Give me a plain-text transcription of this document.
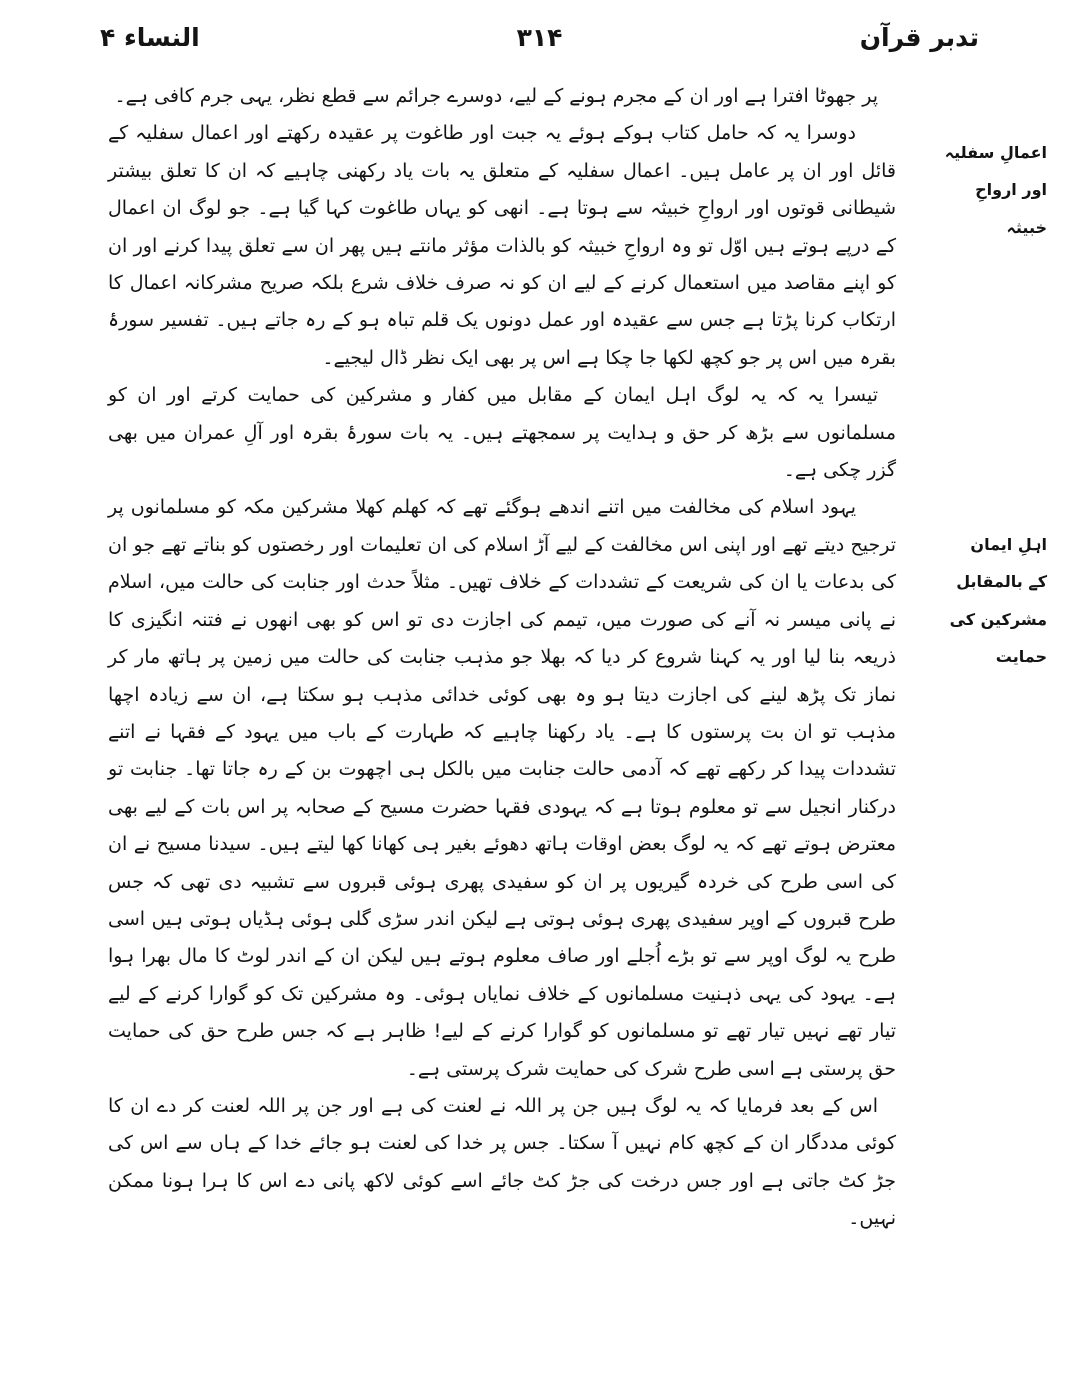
النساء ۴	۳۱۴	تدبر قرآن
اعمالِ سفلیہ
اور ارواحِ
خبیثہ
اہلِ ایمان
کے بالمقابل
مشرکین کی
حمایت

پر جھوٹا افترا ہے اور ان کے مجرم ہونے کے لیے، دوسرے جرائم سے قطع نظر، یہی جرم کافی ہے۔

دوسرا یہ کہ حامل کتاب ہوکے ہوئے یہ جبت اور طاغوت پر عقیدہ رکھتے اور اعمال سفلیہ کے قائل اور ان پر عامل ہیں۔ اعمال سفلیہ کے متعلق یہ بات یاد رکھنی چاہیے کہ ان کا تعلق بیشتر شیطانی قوتوں اور ارواحِ خبیثہ سے ہوتا ہے۔ انھی کو یہاں طاغوت کہا گیا ہے۔ جو لوگ ان اعمال کے درپے ہوتے ہیں اوّل تو وہ ارواحِ خبیثہ کو بالذات مؤثر مانتے ہیں پھر ان سے تعلق پیدا کرنے اور ان کو اپنے مقاصد میں استعمال کرنے کے لیے ان کو نہ صرف خلاف شرع بلکہ صریح مشرکانہ اعمال کا ارتکاب کرنا پڑتا ہے جس سے عقیدہ اور عمل دونوں یک قلم تباہ ہو کے رہ جاتے ہیں۔ تفسیر سورۂ بقرہ میں اس پر جو کچھ لکھا جا چکا ہے اس پر بھی ایک نظر ڈال لیجیے۔

تیسرا یہ کہ یہ لوگ اہل ایمان کے مقابل میں کفار و مشرکین کی حمایت کرتے اور ان کو مسلمانوں سے بڑھ کر حق و ہدایت پر سمجھتے ہیں۔ یہ بات سورۂ بقرہ اور آلِ عمران میں بھی گزر چکی ہے۔

یہود اسلام کی مخالفت میں اتنے اندھے ہوگئے تھے کہ کھلم کھلا مشرکین مکہ کو مسلمانوں پر ترجیح دیتے تھے اور اپنی اس مخالفت کے لیے آڑ اسلام کی ان تعلیمات اور رخصتوں کو بناتے تھے جو ان کی بدعات یا ان کی شریعت کے تشددات کے خلاف تھیں۔ مثلاً حدث اور جنابت کی حالت میں، اسلام نے پانی میسر نہ آنے کی صورت میں، تیمم کی اجازت دی تو اس کو بھی انھوں نے فتنہ انگیزی کا ذریعہ بنا لیا اور یہ کہنا شروع کر دیا کہ بھلا جو مذہب جنابت کی حالت میں زمین پر ہاتھ مار کر نماز تک پڑھ لینے کی اجازت دیتا ہو وہ بھی کوئی خدائی مذہب ہو سکتا ہے، ان سے زیادہ اچھا مذہب تو ان بت پرستوں کا ہے۔ یاد رکھنا چاہیے کہ طہارت کے باب میں یہود کے فقہا نے اتنے تشددات پیدا کر رکھے تھے کہ آدمی حالت جنابت میں بالکل ہی اچھوت بن کے رہ جاتا تھا۔ جنابت تو درکنار انجیل سے تو معلوم ہوتا ہے کہ یہودی فقہا حضرت مسیح کے صحابہ پر اس بات کے لیے بھی معترض ہوتے تھے کہ یہ لوگ بعض اوقات ہاتھ دھوئے بغیر ہی کھانا کھا لیتے ہیں۔ سیدنا مسیح نے ان کی اسی طرح کی خردہ گیریوں پر ان کو سفیدی پھری ہوئی قبروں سے تشبیہ دی تھی کہ جس طرح قبروں کے اوپر سفیدی پھری ہوئی ہوتی ہے لیکن اندر سڑی گلی ہوئی ہڈیاں ہوتی ہیں اسی طرح یہ لوگ اوپر سے تو بڑے اُجلے اور صاف معلوم ہوتے ہیں لیکن ان کے اندر لوٹ کا مال بھرا ہوا ہے۔ یہود کی یہی ذہنیت مسلمانوں کے خلاف نمایاں ہوئی۔ وہ مشرکین تک کو گوارا کرنے کے لیے تیار تھے نہیں تیار تھے تو مسلمانوں کو گوارا کرنے کے لیے! ظاہر ہے کہ جس طرح حق کی حمایت حق پرستی ہے اسی طرح شرک کی حمایت شرک پرستی ہے۔

اس کے بعد فرمایا کہ یہ لوگ ہیں جن پر اللہ نے لعنت کی ہے اور جن پر اللہ لعنت کر دے ان کا کوئی مددگار ان کے کچھ کام نہیں آ سکتا۔ جس پر خدا کی لعنت ہو جائے خدا کے ہاں سے اس کی جڑ کٹ جاتی ہے اور جس درخت کی جڑ کٹ جائے اسے کوئی لاکھ پانی دے اس کا ہرا ہونا ممکن نہیں۔
